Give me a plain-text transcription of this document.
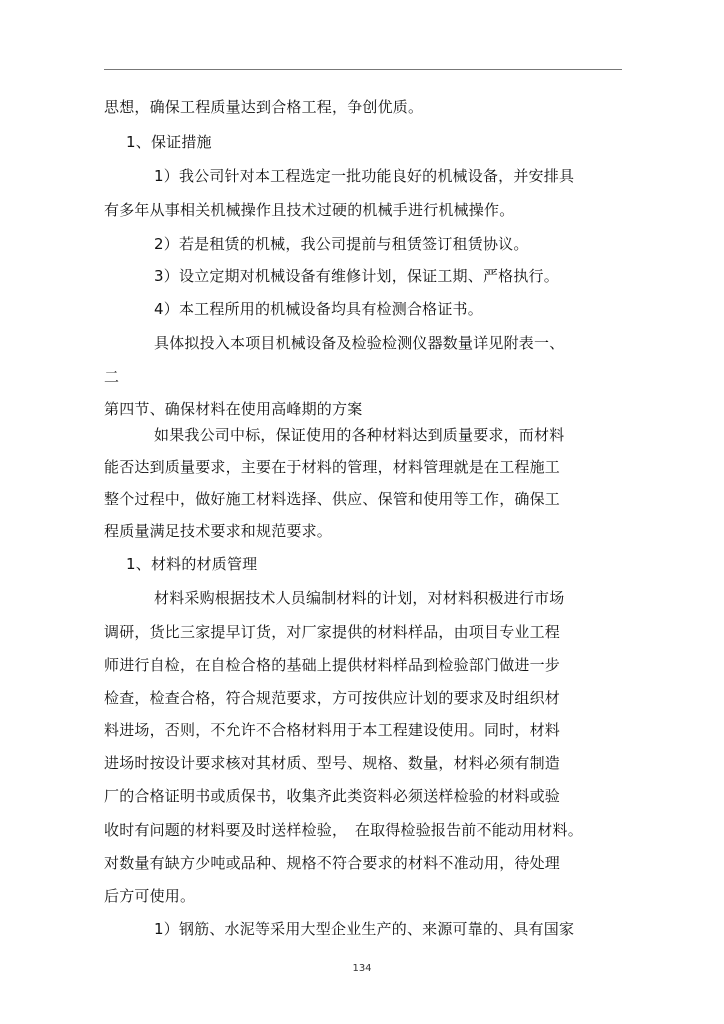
思想，确保工程质量达到合格工程，争创优质。
1、保证措施
1）我公司针对本工程选定一批功能良好的机械设备，并安排具
有多年从事相关机械操作且技术过硬的机械手进行机械操作。
2）若是租赁的机械，我公司提前与租赁签订租赁协议。
3）设立定期对机械设备有维修计划，保证工期、严格执行。
4）本工程所用的机械设备均具有检测合格证书。
具体拟投入本项目机械设备及检验检测仪器数量详见附表一、
二
第四节、确保材料在使用高峰期的方案
如果我公司中标，保证使用的各种材料达到质量要求，而材料
能否达到质量要求，主要在于材料的管理，材料管理就是在工程施工
整个过程中，做好施工材料选择、供应、保管和使用等工作，确保工
程质量满足技术要求和规范要求。
1、材料的材质管理
材料采购根据技术人员编制材料的计划，对材料积极进行市场
调研，货比三家提早订货，对厂家提供的材料样品，由项目专业工程
师进行自检，在自检合格的基础上提供材料样品到检验部门做进一步
检查，检查合格，符合规范要求，方可按供应计划的要求及时组织材
料进场，否则，不允许不合格材料用于本工程建设使用。同时，材料
进场时按设计要求核对其材质、型号、规格、数量，材料必须有制造
厂的合格证明书或质保书，收集齐此类资料必须送样检验的材料或验
收时有问题的材料要及时送样检验，　在取得检验报告前不能动用材料。
对数量有缺方少吨或品种、规格不符合要求的材料不准动用，待处理
后方可使用。
1）钢筋、水泥等采用大型企业生产的、来源可靠的、具有国家
134
